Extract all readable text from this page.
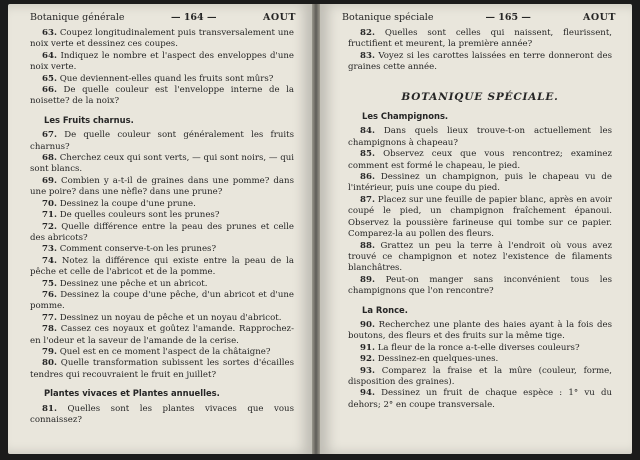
Botanique générale	— 164 —	AOUT

63. Coupez longitudinalement puis transversalement une noix verte et dessinez ces coupes.

64. Indiquez le nombre et l'aspect des enveloppes d'une noix verte.

65. Que deviennent-elles quand les fruits sont mûrs?

66. De quelle couleur est l'enveloppe interne de la noisette? de la noix?

Les Fruits charnus.

67. De quelle couleur sont généralement les fruits charnus?

68. Cherchez ceux qui sont verts, — qui sont noirs, — qui sont blancs.

69. Combien y a-t-il de graines dans une pomme? dans une poire? dans une nèfle? dans une prune?

70. Dessinez la coupe d'une prune.

71. De quelles couleurs sont les prunes?

72. Quelle différence entre la peau des prunes et celle des abricots?

73. Comment conserve-t-on les prunes?

74. Notez la différence qui existe entre la peau de la pêche et celle de l'abricot et de la pomme.

75. Dessinez une pêche et un abricot.

76. Dessinez la coupe d'une pêche, d'un abricot et d'une pomme.

77. Dessinez un noyau de pêche et un noyau d'abricot.

78. Cassez ces noyaux et goûtez l'amande. Rapprochez-en l'odeur et la saveur de l'amande de la cerise.

79. Quel est en ce moment l'aspect de la châtaigne?

80. Quelle transformation subissent les sortes d'écailles tendres qui recouvraient le fruit en juillet?

Plantes vivaces et Plantes annuelles.

81. Quelles sont les plantes vivaces que vous connaissez?

Botanique spéciale	— 165 —	AOUT

82. Quelles sont celles qui naissent, fleurissent, fructifient et meurent, la première année?

83. Voyez si les carottes laissées en terre donneront des graines cette année.

BOTANIQUE SPÉCIALE.
Les Champignons.

84. Dans quels lieux trouve-t-on actuellement les champignons à chapeau?

85. Observez ceux que vous rencontrez; examinez comment est formé le chapeau, le pied.

86. Dessinez un champignon, puis le chapeau vu de l'intérieur, puis une coupe du pied.

87. Placez sur une feuille de papier blanc, après en avoir coupé le pied, un champignon fraîchement épanoui. Observez la poussière farineuse qui tombe sur ce papier. Comparez-la au pollen des fleurs.

88. Grattez un peu la terre à l'endroit où vous avez trouvé ce champignon et notez l'existence de filaments blanchâtres.

89. Peut-on manger sans inconvénient tous les champignons que l'on rencontre?

La Ronce.

90. Recherchez une plante des haies ayant à la fois des boutons, des fleurs et des fruits sur la même tige.

91. La fleur de la ronce a-t-elle diverses couleurs?

92. Dessinez-en quelques-unes.

93. Comparez la fraise et la mûre (couleur, forme, disposition des graines).

94. Dessinez un fruit de chaque espèce : 1° vu du dehors; 2° en coupe transversale.
